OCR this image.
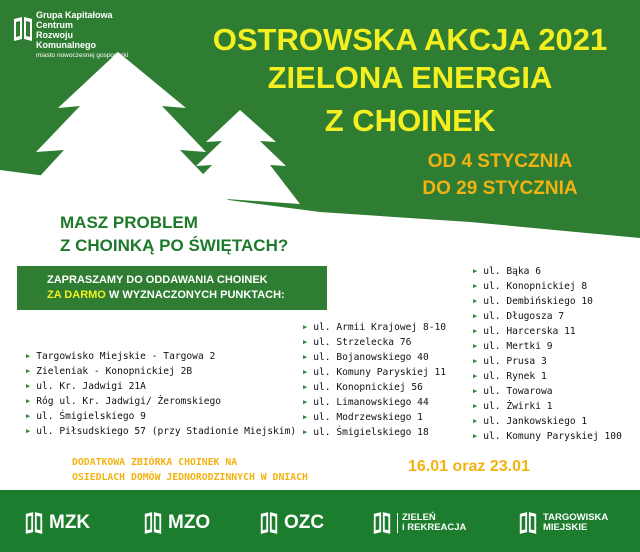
Grupa Kapitałowa
Centrum
Rozwoju
Komunalnego
miasto nowoczesnej gospodarki	OSTROWSKA AKCJA 2021
ZIELONA ENERGIA
Z CHOINEK
OD 4 STYCZNIA
DO 29 STYCZNIA
MASZ PROBLEM
Z CHOINKĄ PO ŚWIĘTACH?
ZAPRASZAMY DO ODDAWANIA CHOINEK
ZA DARMO W WYZNACZONYCH PUNKTACH:
▶ Targowisko Miejskie - Targowa 2
▶ Zieleniak - Konopnickiej 2B
▶ ul. Kr. Jadwigi 21A
▶ Róg ul. Kr. Jadwigi/ Żeromskiego
▶ ul. Śmigielskiego 9
▶ ul. Piłsudskiego 57 (przy Stadionie Miejskim)
▶ ul. Armii Krajowej 8-10
▶ ul. Strzelecka 76
▶ ul. Bojanowskiego 40
▶ ul. Komuny Paryskiej 11
▶ ul. Konopnickiej 56
▶ ul. Limanowskiego 44
▶ ul. Modrzewskiego 1
▶ ul. Śmigielskiego 18
▶ ul. Bąka 6
▶ ul. Konopnickiej 8
▶ ul. Dembińskiego 10
▶ ul. Długosza 7
▶ ul. Harcerska 11
▶ ul. Mertki 9
▶ ul. Prusa 3
▶ ul. Rynek 1
▶ ul. Towarowa
▶ ul. Żwirki 1
▶ ul. Jankowskiego 1
▶ ul. Komuny Paryskiej 100
DODATKOWA ZBIÓRKA CHOINEK NA
OSIEDLACH DOMÓW JEDNORODZINNYCH W DNIACH
16.01 oraz 23.01
MZK	MZO	OZC	ZIELEŃ
i REKREACJA
TARGOWISKA
MIEJSKIE
